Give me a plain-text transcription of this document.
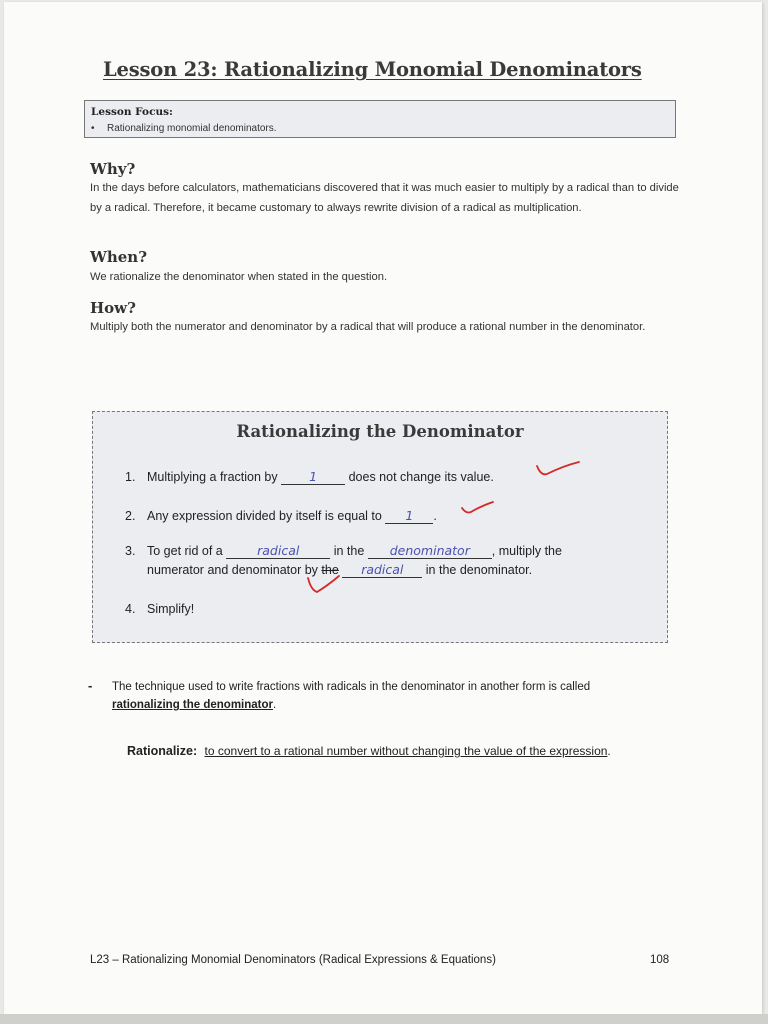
Lesson 23: Rationalizing Monomial Denominators
Lesson Focus:
• Rationalizing monomial denominators.
Why?
In the days before calculators, mathematicians discovered that it was much easier to multiply by a radical than to divide by a radical. Therefore, it became customary to always rewrite division of a radical as multiplication.
When?
We rationalize the denominator when stated in the question.
How?
Multiply both the numerator and denominator by a radical that will produce a rational number in the denominator.
Rationalizing the Denominator
1. Multiplying a fraction by	1	does not change its value.
2. Any expression divided by itself is equal to 1 .
3. To get rid of a	radical	in the denominator , multiply the
numerator and denominator by the radical in the denominator.
4. Simplify!
- The technique used to write fractions with radicals in the denominator in another form is called
rationalizing the denominator.
Rationalize: to convert to a rational number without changing the value of the expression.
L23 – Rationalizing Monomial Denominators (Radical Expressions & Equations)	108
